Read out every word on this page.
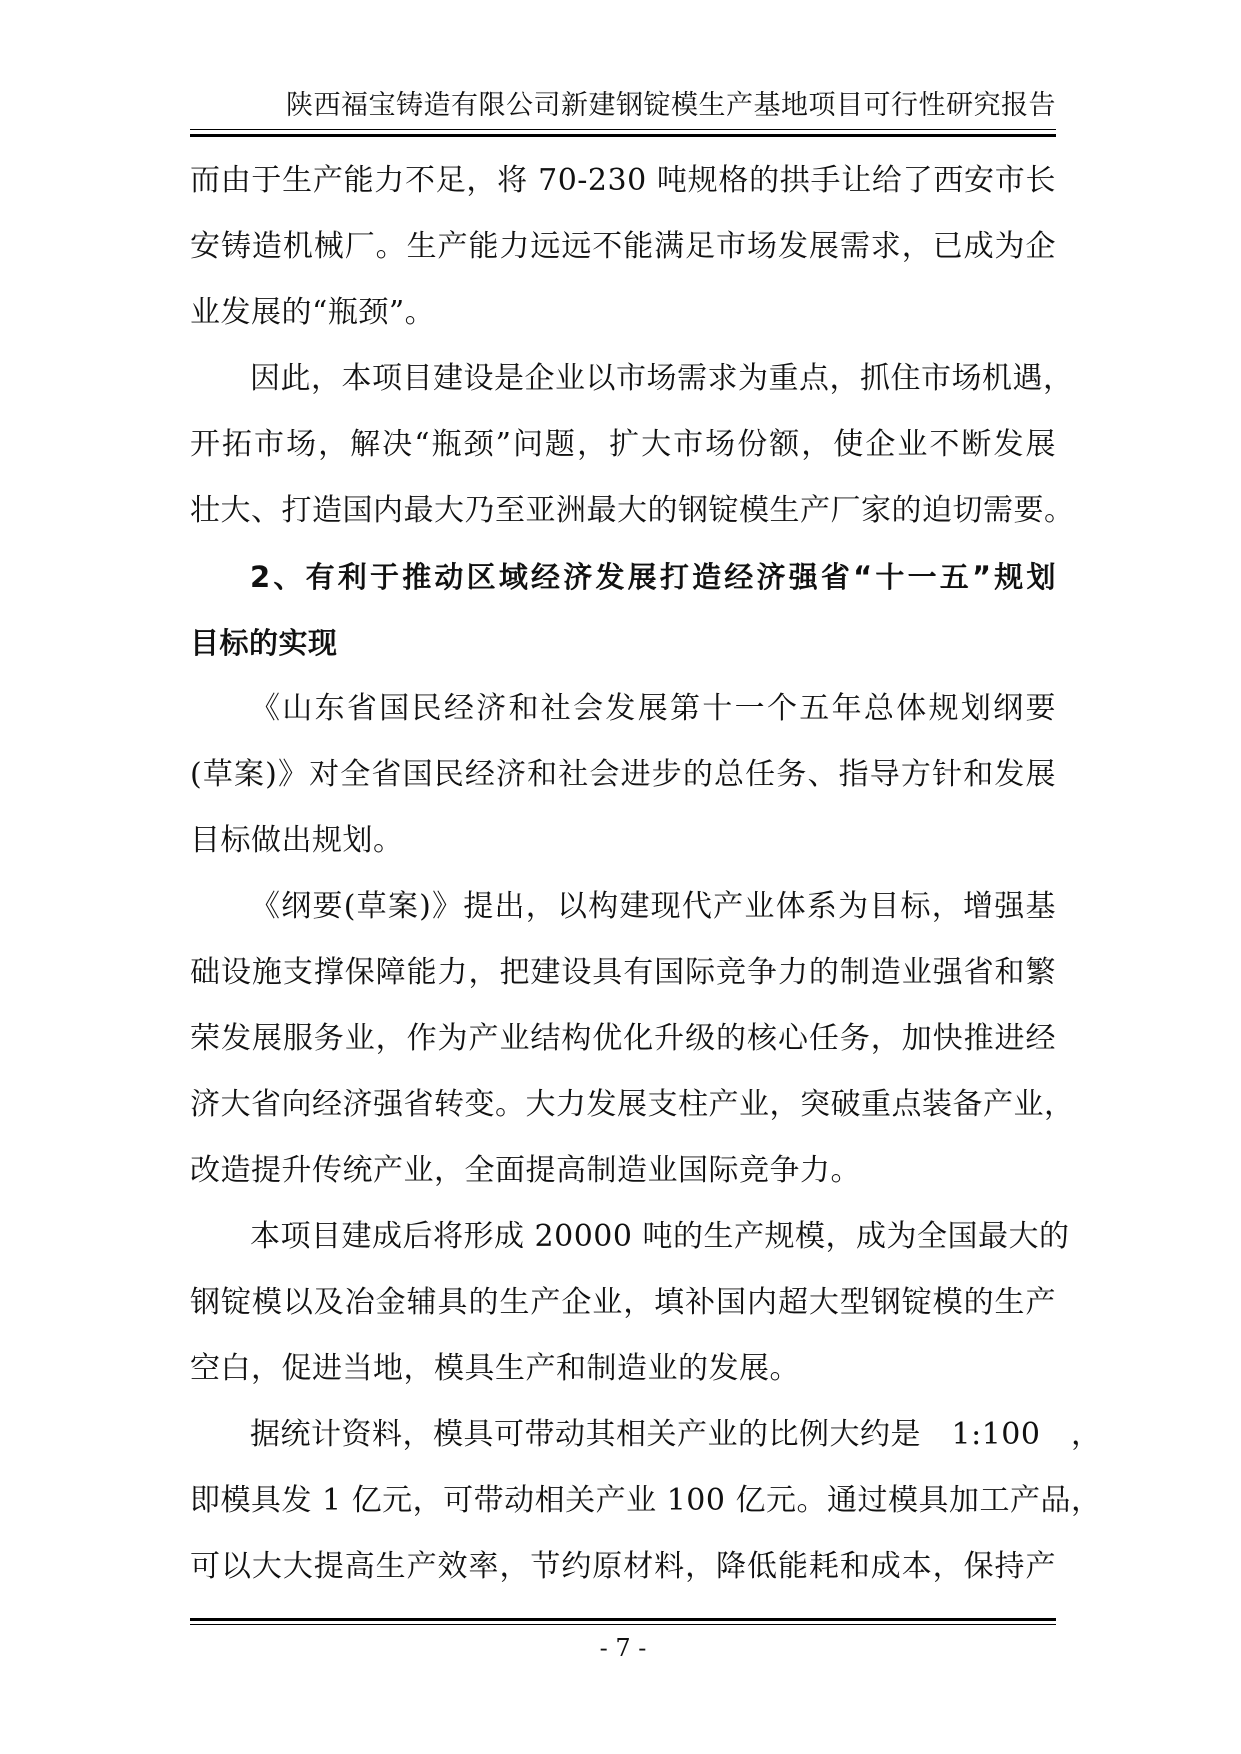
陕西福宝铸造有限公司新建钢锭模生产基地项目可行性研究报告
而由于生产能力不足，将 70-230 吨规格的拱手让给了西安市长
安铸造机械厂。生产能力远远不能满足市场发展需求，已成为企
业发展的“瓶颈”。
因此，本项目建设是企业以市场需求为重点，抓住市场机遇，
开拓市场，解决“瓶颈”问题，扩大市场份额，使企业不断发展
壮大、打造国内最大乃至亚洲最大的钢锭模生产厂家的迫切需要。
2、有利于推动区域经济发展打造经济强省“十一五”规划
目标的实现
《山东省国民经济和社会发展第十一个五年总体规划纲要
(草案)》对全省国民经济和社会进步的总任务、指导方针和发展
目标做出规划。
《纲要(草案)》提出，以构建现代产业体系为目标，增强基
础设施支撑保障能力，把建设具有国际竞争力的制造业强省和繁
荣发展服务业，作为产业结构优化升级的核心任务，加快推进经
济大省向经济强省转变。大力发展支柱产业，突破重点装备产业，
改造提升传统产业，全面提高制造业国际竞争力。
本项目建成后将形成 20000 吨的生产规模，成为全国最大的
钢锭模以及冶金辅具的生产企业，填补国内超大型钢锭模的生产
空白，促进当地，模具生产和制造业的发展。
据统计资料，模具可带动其相关产业的比例大约是　1:100　，
即模具发 1 亿元，可带动相关产业 100 亿元。通过模具加工产品，
可以大大提高生产效率，节约原材料，降低能耗和成本，保持产
- 7 -
